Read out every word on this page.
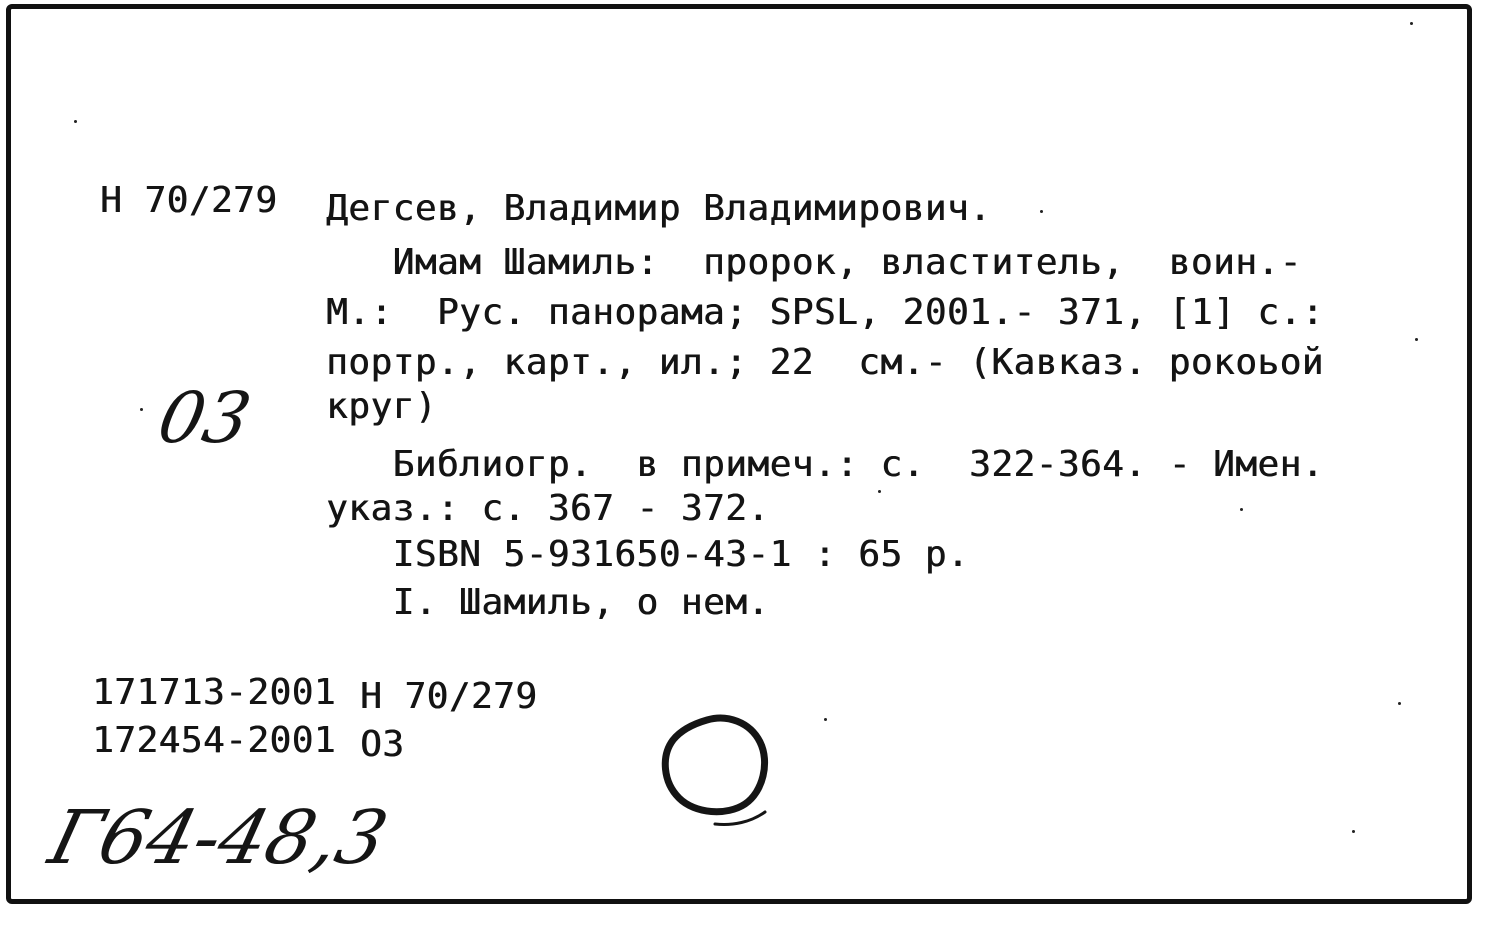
Н 70/279 Дегсев, Владимир Владимирович.
Имам Шамиль:  пророк, властитель,  воин.-
М.:  Рус. панорама; SPSL, 2001.- 371, [1] с.:
портр., карт., ил.; 22  см.- (Кавказ. рокоьой
круг)
Библиогр.  в примеч.: с.  322-364. - Имен.
указ.: с. 367 - 372.
ISBN 5-931650-43-1 : 65 р.
I. Шамиль, о нем.
03
171713-2001 Н 70/279
172454-2001 ОЗ
Г64-48,3
